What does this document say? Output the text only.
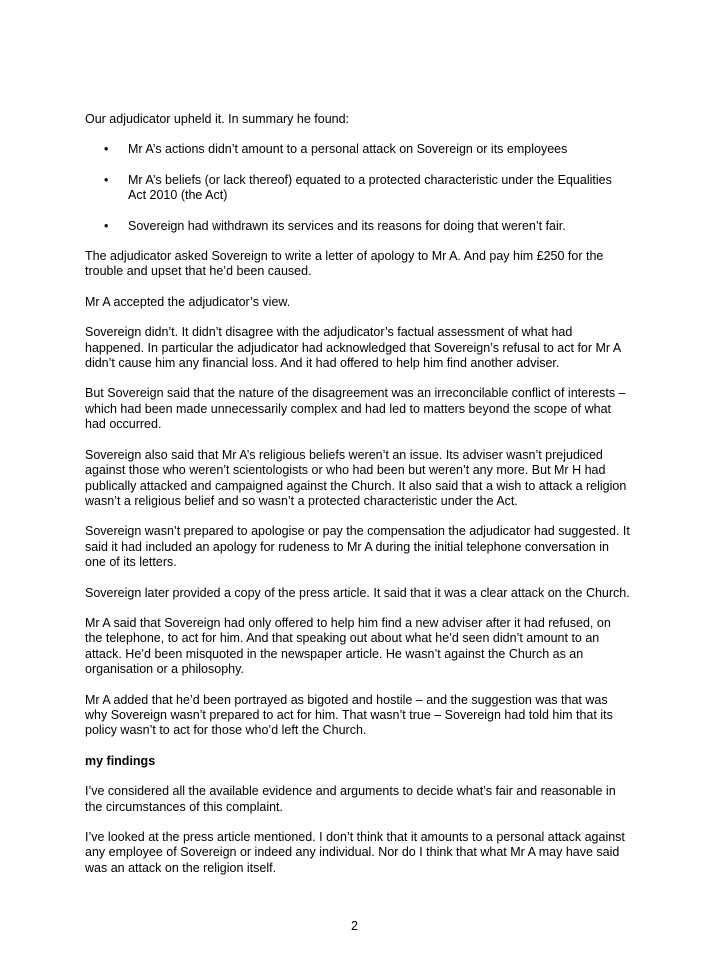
Our adjudicator upheld it. In summary he found:

• Mr A’s actions didn’t amount to a personal attack on Sovereign or its employees
• Mr A’s beliefs (or lack thereof) equated to a protected characteristic under the Equalities Act 2010 (the Act)
• Sovereign had withdrawn its services and its reasons for doing that weren’t fair.

The adjudicator asked Sovereign to write a letter of apology to Mr A. And pay him £250 for the trouble and upset that he’d been caused.

Mr A accepted the adjudicator’s view.

Sovereign didn’t. It didn’t disagree with the adjudicator’s factual assessment of what had happened. In particular the adjudicator had acknowledged that Sovereign’s refusal to act for Mr A didn’t cause him any financial loss. And it had offered to help him find another adviser.

But Sovereign said that the nature of the disagreement was an irreconcilable conflict of interests – which had been made unnecessarily complex and had led to matters beyond the scope of what had occurred.

Sovereign also said that Mr A’s religious beliefs weren’t an issue. Its adviser wasn’t prejudiced against those who weren’t scientologists or who had been but weren’t any more. But Mr H had publically attacked and campaigned against the Church. It also said that a wish to attack a religion wasn’t a religious belief and so wasn’t a protected characteristic under the Act.

Sovereign wasn’t prepared to apologise or pay the compensation the adjudicator had suggested. It said it had included an apology for rudeness to Mr A during the initial telephone conversation in one of its letters.

Sovereign later provided a copy of the press article. It said that it was a clear attack on the Church.

Mr A said that Sovereign had only offered to help him find a new adviser after it had refused, on the telephone, to act for him. And that speaking out about what he’d seen didn’t amount to an attack. He’d been misquoted in the newspaper article. He wasn’t against the Church as an organisation or a philosophy.

Mr A added that he’d been portrayed as bigoted and hostile – and the suggestion was that was why Sovereign wasn’t prepared to act for him. That wasn’t true – Sovereign had told him that its policy wasn’t to act for those who’d left the Church.

my findings

I’ve considered all the available evidence and arguments to decide what’s fair and reasonable in the circumstances of this complaint.

I’ve looked at the press article mentioned. I don’t think that it amounts to a personal attack against any employee of Sovereign or indeed any individual. Nor do I think that what Mr A may have said was an attack on the religion itself.

2
